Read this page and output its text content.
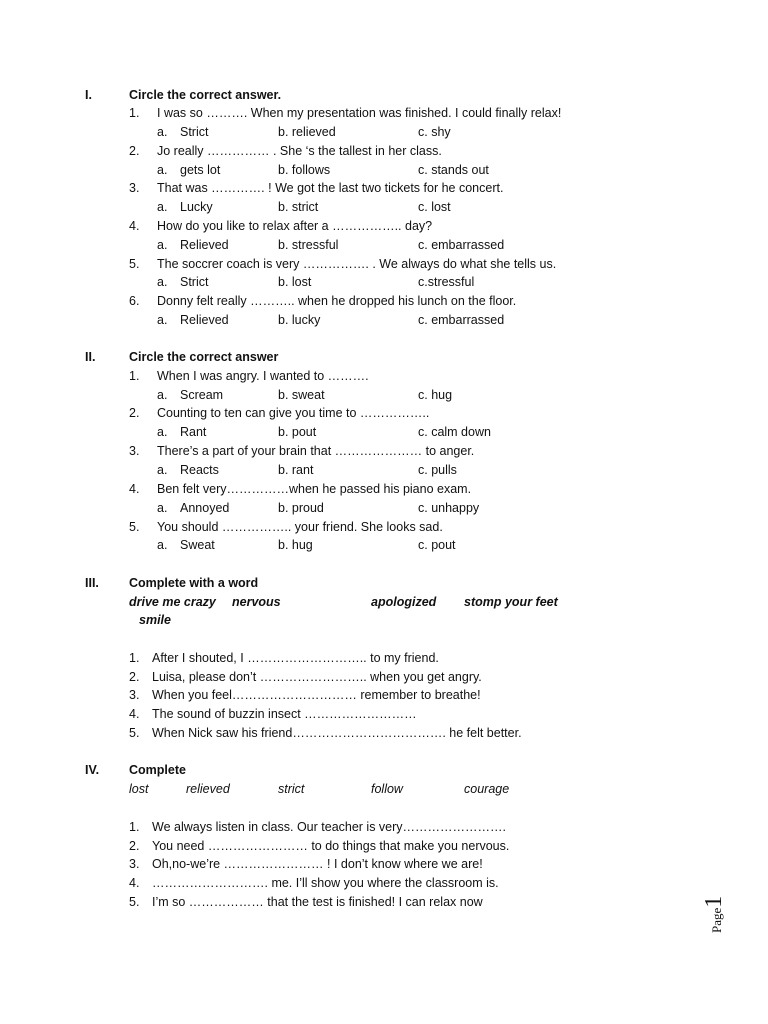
I.	Circle the correct answer.
1. I was so ………. When my presentation was finished. I could finally relax!
a. Strict	b. relieved	c. shy
2. Jo really …………… . She ‘s the tallest in her class.
a. gets lot	b. follows	c. stands out
3. That was …………. ! We got the last two tickets for he concert.
a. Lucky	b. strict	c. lost
4. How do you like to relax after a …………….. day?
a. Relieved	b. stressful	c. embarrassed
5. The soccrer coach is very ……………. . We always do what she tells us.
a. Strict	b. lost	c.stressful
6. Donny felt really ……….. when he dropped his lunch on the floor.
a. Relieved	b. lucky	c. embarrassed
II.	Circle the correct answer
1. When I was angry. I wanted to ……….
a. Scream	b. sweat	c. hug
2. Counting to ten can give you time to ……………..
a. Rant	b. pout	c. calm down
3. There’s a part of your brain that ………………… to anger.
a. Reacts	b. rant	c. pulls
4. Ben felt very……………when he passed his piano exam.
a. Annoyed	b. proud	c. unhappy
5. You should …………….. your friend. She looks sad.
a. Sweat	b. hug	c. pout
III. Complete with a word
drive me crazy nervous	apologized stomp your feet
smile
1. After I shouted, I ……………………….. to my friend.
2. Luisa, please don’t …………………….. when you get angry.
3. When you feel………………………… remember to breathe!
4. The sound of buzzin insect ………………………
5. When Nick saw his friend………………………………. he felt better.
IV. Complete
lost	relieved	strict	follow	courage
1. We always listen in class. Our teacher is very…………………….
2. You need …………………… to do things that make you nervous.
3. Oh,no-we’re …………………… ! I don’t know where we are!
4. ………………………. me. I’ll show you where the classroom is.
5. I’m so ……………… that the test is finished! I can relax now
Page1
